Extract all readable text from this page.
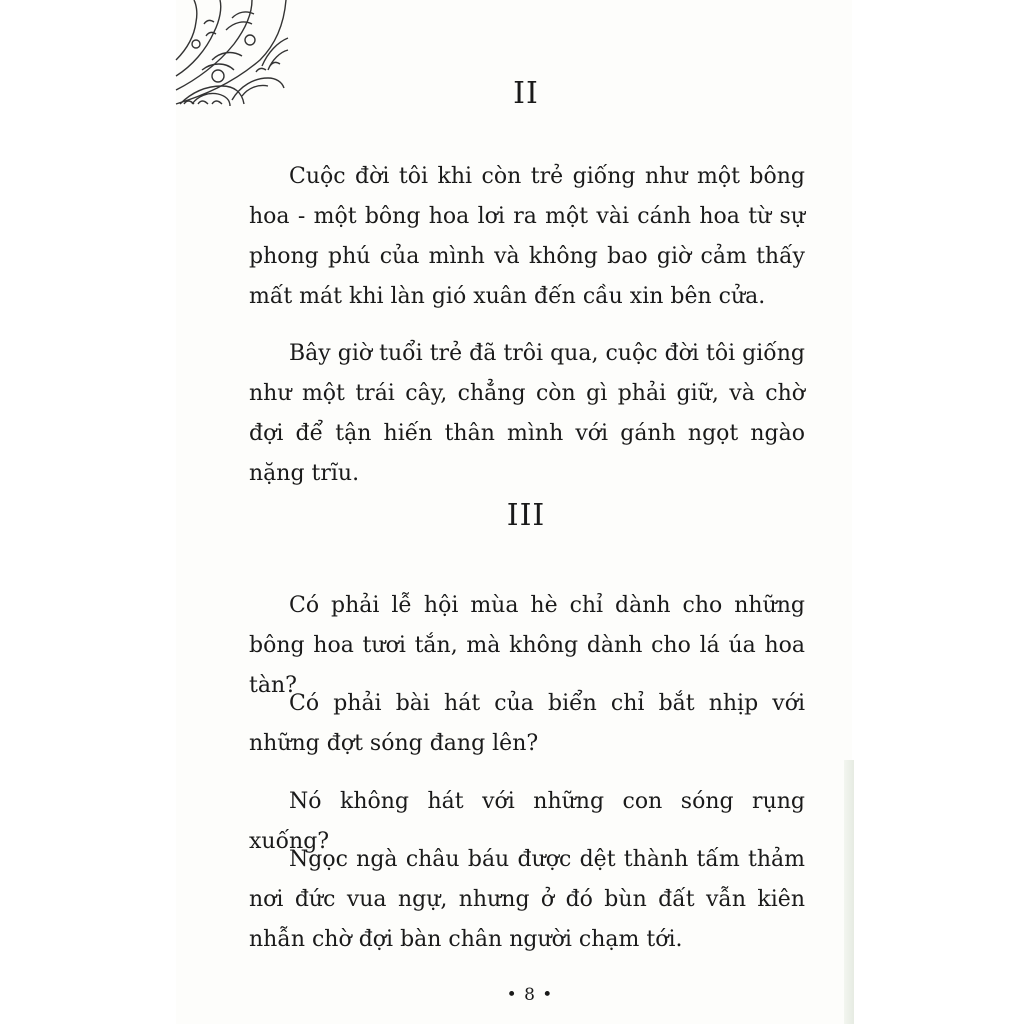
II

Cuộc đời tôi khi còn trẻ giống như một bông hoa - một bông hoa lơi ra một vài cánh hoa từ sự phong phú của mình và không bao giờ cảm thấy mất mát khi làn gió xuân đến cầu xin bên cửa.

Bây giờ tuổi trẻ đã trôi qua, cuộc đời tôi giống như một trái cây, chẳng còn gì phải giữ, và chờ đợi để tận hiến thân mình với gánh ngọt ngào nặng trĩu.

III

Có phải lễ hội mùa hè chỉ dành cho những bông hoa tươi tắn, mà không dành cho lá úa hoa tàn?

Có phải bài hát của biển chỉ bắt nhịp với những đợt sóng đang lên?

Nó không hát với những con sóng rụng xuống?

Ngọc ngà châu báu được dệt thành tấm thảm nơi đức vua ngự, nhưng ở đó bùn đất vẫn kiên nhẫn chờ đợi bàn chân người chạm tới.

• 8 •
